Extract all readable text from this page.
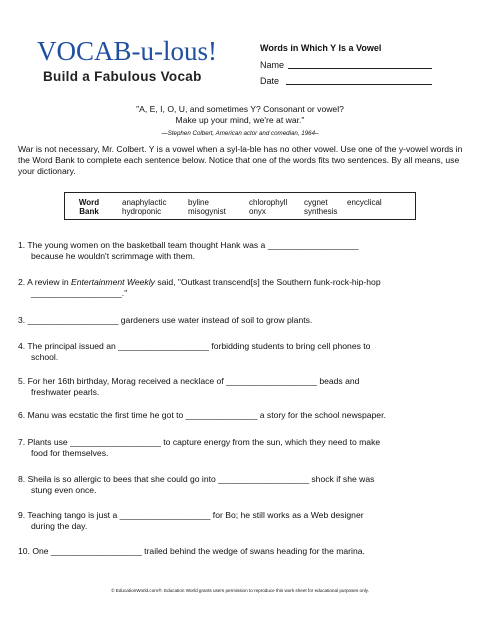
VOCAB-u-lous!
Build a Fabulous Vocab
Words in Which Y Is a Vowel
Name
Date
"A, E, I, O, U, and sometimes Y? Consonant or vowel?
Make up your mind, we're at war."
—Stephen Colbert, American actor and comedian, 1964–
War is not necessary, Mr. Colbert. Y is a vowel when a syl-la-ble has no other vowel. Use one of the y-vowel words in the Word Bank to complete each sentence below. Notice that one of the words fits two sentences. By all means, use your dictionary.
Word
Bank
anaphylactic	byline	chlorophyll cygnet encyclical
hydroponic	misogynist	onyx	synthesis
1. The young women on the basketball team thought Hank was a ___________________
because he wouldn't scrimmage with them.
2. A review in Entertainment Weekly said, "Outkast transcend[s] the Southern funk-rock-hip-hop
___________________."
3. ___________________ gardeners use water instead of soil to grow plants.
4. The principal issued an ___________________ forbidding students to bring cell phones to
school.
5. For her 16th birthday, Morag received a necklace of ___________________ beads and
freshwater pearls.
6. Manu was ecstatic the first time he got to _______________ a story for the school newspaper.
7. Plants use ___________________ to capture energy from the sun, which they need to make
food for themselves.
8. Sheila is so allergic to bees that she could go into ___________________ shock if she was
stung even once.
9. Teaching tango is just a ___________________ for Bo; he still works as a Web designer
during the day.
10. One ___________________ trailed behind the wedge of swans heading for the marina.
© EducationWorld.com®. Education World grants users permission to reproduce this work sheet for educational purposes only.
